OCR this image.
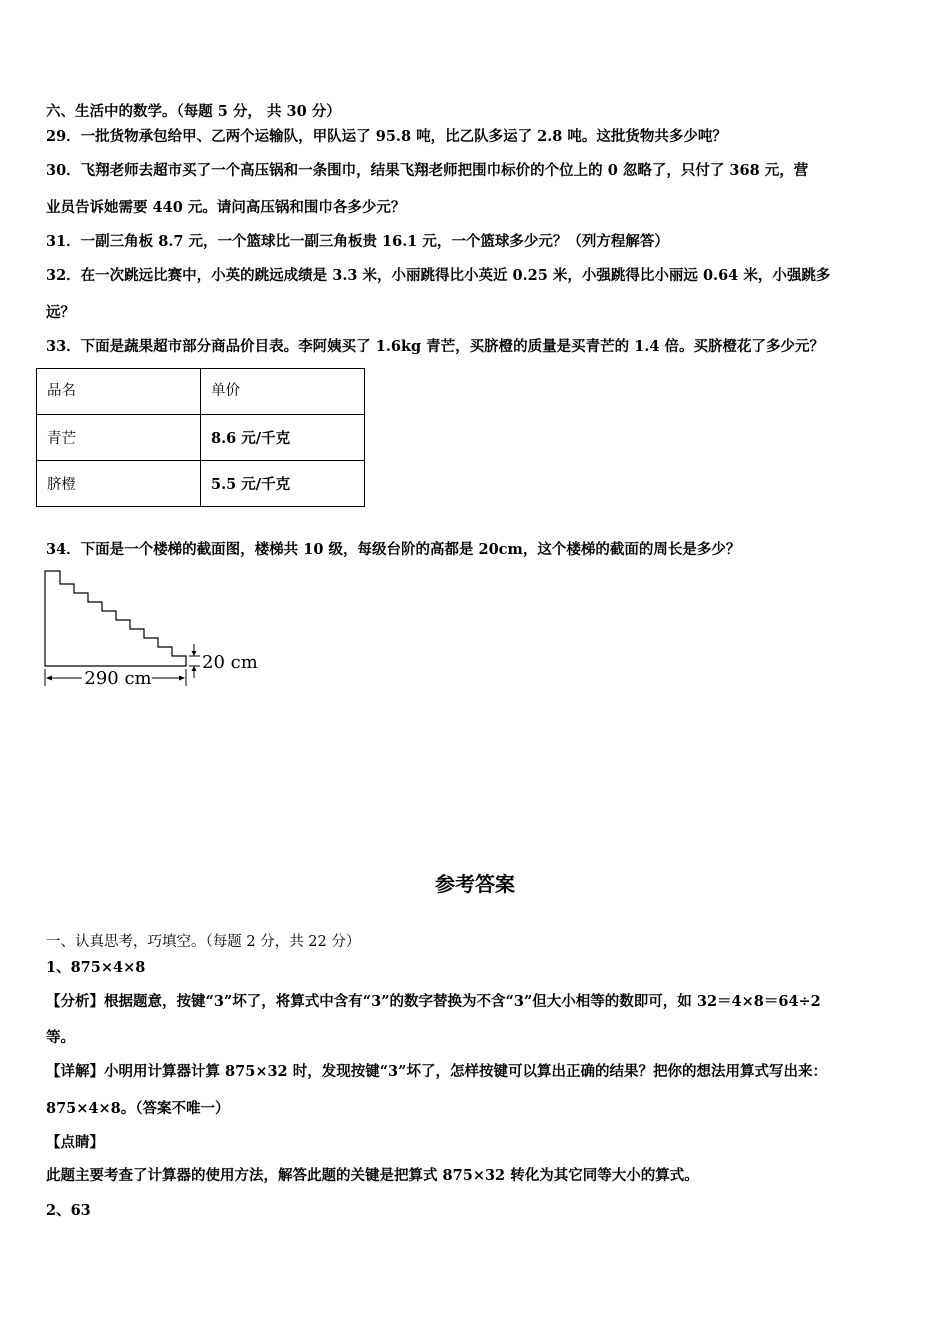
六、生活中的数学。（每题 5 分， 共 30 分）
29．一批货物承包给甲、乙两个运输队，甲队运了 95.8 吨，比乙队多运了 2.8 吨。这批货物共多少吨？
30．飞翔老师去超市买了一个高压锅和一条围巾，结果飞翔老师把围巾标价的个位上的 0 忽略了，只付了 368 元，营
业员告诉她需要 440 元。请问高压锅和围巾各多少元？
31．一副三角板 8.7 元，一个篮球比一副三角板贵 16.1 元，一个篮球多少元？（列方程解答）
32．在一次跳远比赛中，小英的跳远成绩是 3.3 米，小丽跳得比小英近 0.25 米，小强跳得比小丽远 0.64 米，小强跳多
远？
33．下面是蔬果超市部分商品价目表。李阿姨买了 1.6kg 青芒，买脐橙的质量是买青芒的 1.4 倍。买脐橙花了多少元？
品名	单价
青芒	8.6 元/千克
脐橙	5.5 元/千克
34．下面是一个楼梯的截面图，楼梯共 10 级，每级台阶的高都是 20cm，这个楼梯的截面的周长是多少？
290 cm
20 cm
参考答案
一、认真思考，巧填空。（每题 2 分，共 22 分）
1、875×4×8
【分析】根据题意，按键“3”坏了，将算式中含有“3”的数字替换为不含“3”但大小相等的数即可，如 32＝4×8＝64÷2
等。
【详解】小明用计算器计算 875×32 时，发现按键“3”坏了，怎样按键可以算出正确的结果？把你的想法用算式写出来：
875×4×8。（答案不唯一）
【点睛】
此题主要考查了计算器的使用方法，解答此题的关键是把算式 875×32 转化为其它同等大小的算式。
2、63
